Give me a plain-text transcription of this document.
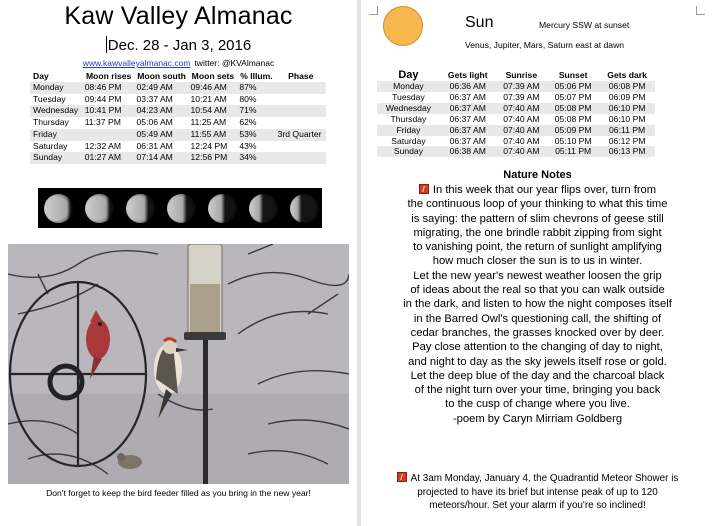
Kaw Valley Almanac
Dec. 28 - Jan 3, 2016
www.kawvalleyalmanac.com twitter: @KVAlmanac
Day	Moon rises	Moon south	Moon sets	% Illum.	Phase
Monday	08:46 PM	02:49 AM	09:46 AM	87%	
Tuesday	09:44 PM	03:37 AM	10:21 AM	80%	
Wednesday	10:41 PM	04:23 AM	10:54 AM	71%	
Thursday	11:37 PM	05:06 AM	11:25 AM	62%	
Friday		05:49 AM	11:55 AM	53%	3rd Quarter
Saturday	12:32 AM	06:31 AM	12:24 PM	43%	
Sunday	01:27 AM	07:14 AM	12:56 PM	34%	
Don't forget to keep the bird feeder filled as you bring in the new year!
Sun	Mercury SSW at sunset
Venus, Jupiter, Mars, Saturn east at dawn
Day	Gets light	Sunrise	Sunset	Gets dark
Monday	06:36 AM	07:39 AM	05:06 PM	06:08 PM
Tuesday	06:37 AM	07:39 AM	05:07 PM	06:09 PM
Wednesday	06:37 AM	07:40 AM	05:08 PM	06:10 PM
Thursday	06:37 AM	07:40 AM	05:08 PM	06:10 PM
Friday	06:37 AM	07:40 AM	05:09 PM	06:11 PM
Saturday	06:37 AM	07:40 AM	05:10 PM	06:12 PM
Sunday	06:38 AM	07:40 AM	05:11 PM	06:13 PM
Nature Notes
In this week that our year flips over, turn from
the continuous loop of your thinking to what this time
is saying: the pattern of slim chevrons of geese still
migrating, the one brindle rabbit zipping from sight
to vanishing point, the return of sunlight amplifying
how much closer the sun is to us in winter.
Let the new year's newest weather loosen the grip
of ideas about the real so that you can walk outside
in the dark, and listen to how the night composes itself
in the Barred Owl's questioning call, the shifting of
cedar branches, the grasses knocked over by deer.
Pay close attention to the changing of day to night,
and night to day as the sky jewels itself rose or gold.
Let the deep blue of the day and the charcoal black
of the night turn over your time, bringing you back
to the cusp of change where you live.
-poem by Caryn Mirriam Goldberg
At 3am Monday, January 4, the Quadrantid Meteor Shower is
projected to have its brief but intense peak of up to 120
meteors/hour. Set your alarm if you're so inclined!
